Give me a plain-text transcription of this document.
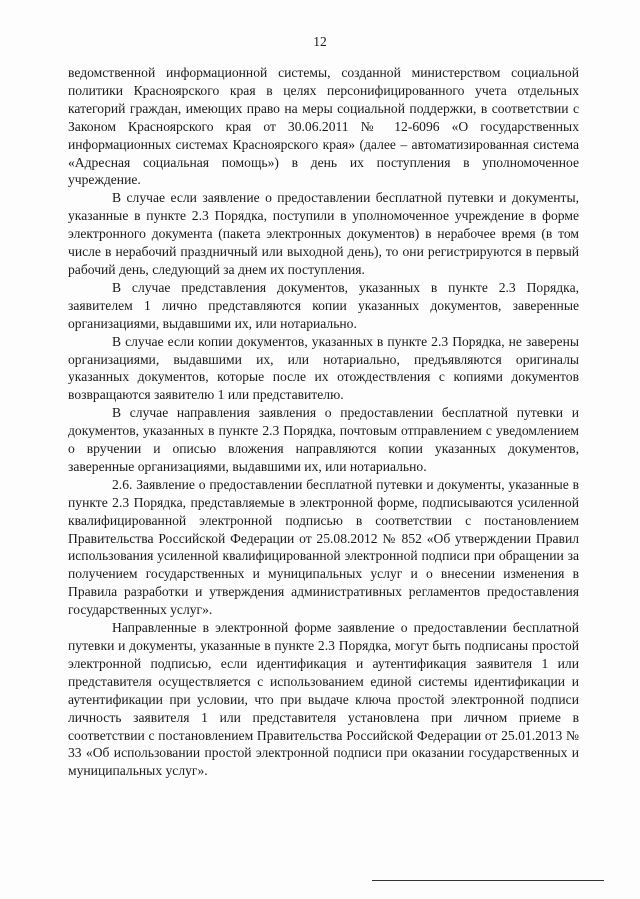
12

ведомственной информационной системы, созданной министерством социальной политики Красноярского края в целях персонифицированного учета отдельных категорий граждан, имеющих право на меры социальной поддержки, в соответствии с Законом Красноярского края от 30.06.2011 № 12-6096 «О государственных информационных системах Красноярского края» (далее – автоматизированная система «Адресная социальная помощь») в день их поступления в уполномоченное учреждение.

В случае если заявление о предоставлении бесплатной путевки и документы, указанные в пункте 2.3 Порядка, поступили в уполномоченное учреждение в форме электронного документа (пакета электронных документов) в нерабочее время (в том числе в нерабочий праздничный или выходной день), то они регистрируются в первый рабочий день, следующий за днем их поступления.

В случае представления документов, указанных в пункте 2.3 Порядка, заявителем 1 лично представляются копии указанных документов, заверенные организациями, выдавшими их, или нотариально.

В случае если копии документов, указанных в пункте 2.3 Порядка, не заверены организациями, выдавшими их, или нотариально, предъявляются оригиналы указанных документов, которые после их отождествления с копиями документов возвращаются заявителю 1 или представителю.

В случае направления заявления о предоставлении бесплатной путевки и документов, указанных в пункте 2.3 Порядка, почтовым отправлением с уведомлением о вручении и описью вложения направляются копии указанных документов, заверенные организациями, выдавшими их, или нотариально.

2.6. Заявление о предоставлении бесплатной путевки и документы, указанные в пункте 2.3 Порядка, представляемые в электронной форме, подписываются усиленной квалифицированной электронной подписью в соответствии с постановлением Правительства Российской Федерации от 25.08.2012 № 852 «Об утверждении Правил использования усиленной квалифицированной электронной подписи при обращении за получением государственных и муниципальных услуг и о внесении изменения в Правила разработки и утверждения административных регламентов предоставления государственных услуг».

Направленные в электронной форме заявление о предоставлении бесплатной путевки и документы, указанные в пункте 2.3 Порядка, могут быть подписаны простой электронной подписью, если идентификация и аутентификация заявителя 1 или представителя осуществляется с использованием единой системы идентификации и аутентификации при условии, что при выдаче ключа простой электронной подписи личность заявителя 1 или представителя установлена при личном приеме в соответствии с постановлением Правительства Российской Федерации от 25.01.2013 № 33 «Об использовании простой электронной подписи при оказании государственных и муниципальных услуг».
